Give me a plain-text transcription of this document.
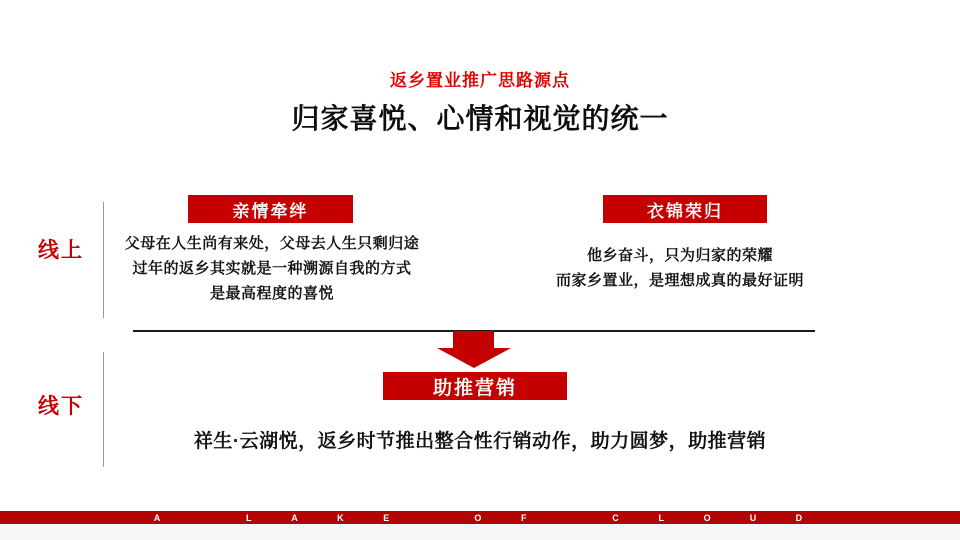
返乡置业推广思路源点
归家喜悦、心情和视觉的统一
线上
线下
亲情牵绊
父母在人生尚有来处，父母去人生只剩归途
过年的返乡其实就是一种溯源自我的方式
是最高程度的喜悦
衣锦荣归
他乡奋斗，只为归家的荣耀
而家乡置业，是理想成真的最好证明
助推营销
祥生·云湖悦，返乡时节推出整合性行销动作，助力圆梦，助推营销
A	L	A	K	E	O	F	C	L	O	U	D
